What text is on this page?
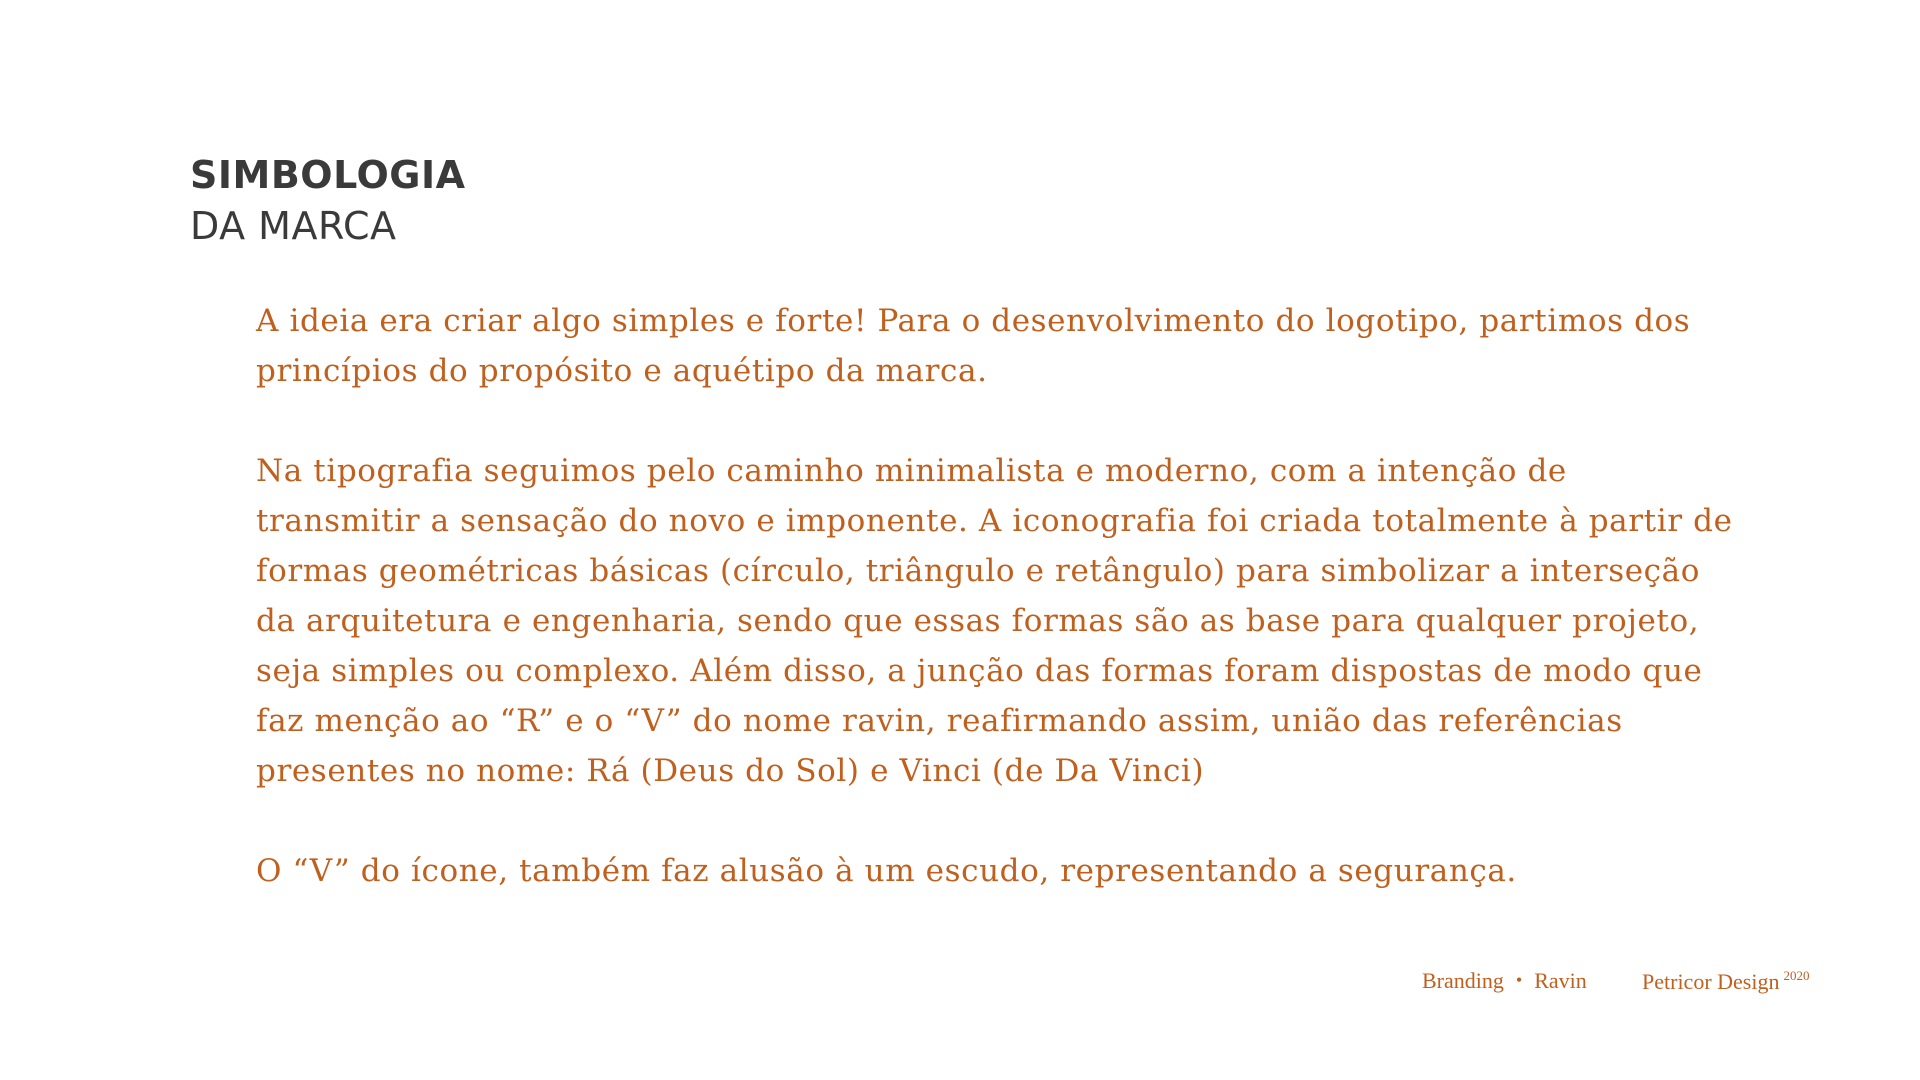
SIMBOLOGIA
DA MARCA

A ideia era criar algo simples e forte! Para o desenvolvimento do logotipo, partimos dos princípios do propósito e aquétipo da marca.

Na tipografia seguimos pelo caminho minimalista e moderno, com a intenção de transmitir a sensação do novo e imponente. A iconografia foi criada totalmente à partir de formas geométricas básicas (círculo, triângulo e retângulo) para simbolizar a interseção da arquitetura e engenharia, sendo que essas formas são as base para qualquer projeto, seja simples ou complexo. Além disso, a junção das formas foram dispostas de modo que faz menção ao “R” e o “V” do nome ravin, reafirmando assim, união das referências presentes no nome: Rá (Deus do Sol) e Vinci (de Da Vinci)

O “V” do ícone, também faz alusão à um escudo, representando a segurança.

Branding • Ravin	Petricor Design $^{2020}$
